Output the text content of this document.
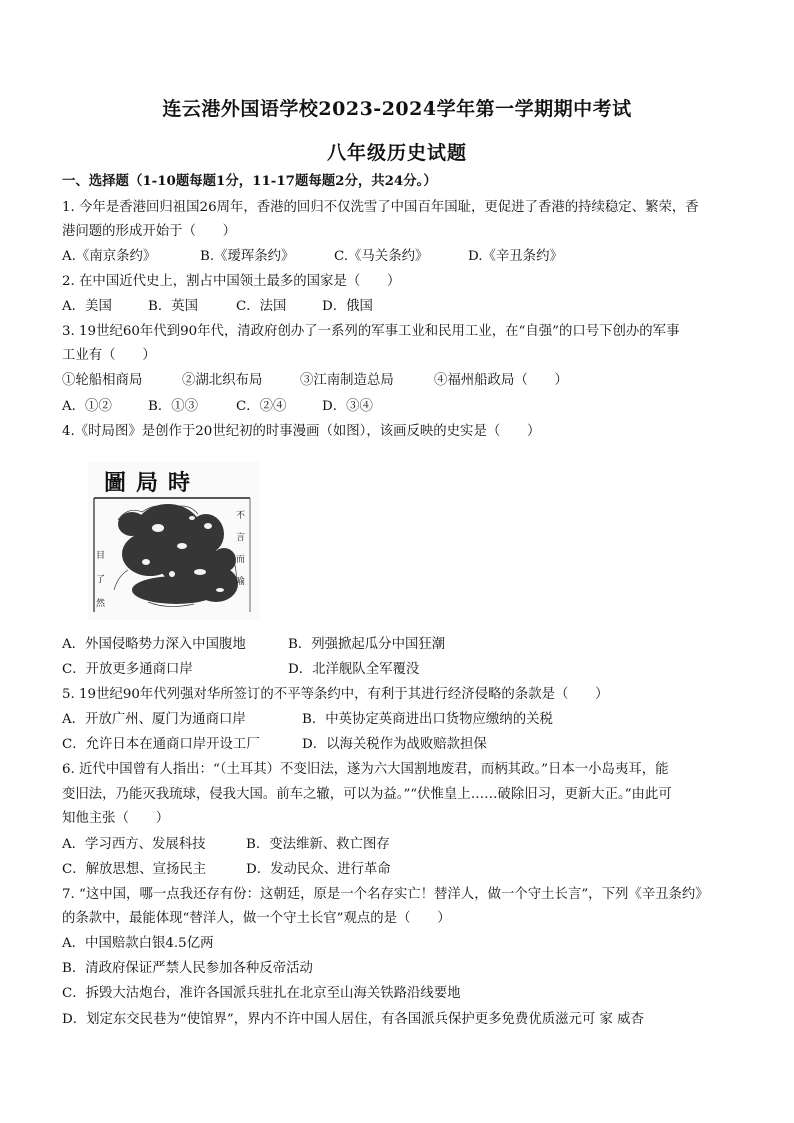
连云港外国语学校2023-2024学年第一学期期中考试
八年级历史试题
一、选择题（1-10题每题1分，11-17题每题2分，共24分。）
1. 今年是香港回归祖国26周年，香港的回归不仅洗雪了中国百年国耻，更促进了香港的持续稳定、繁荣，香
港问题的形成开始于（　　）
A.《南京条约》	B.《瑷珲条约》	C.《马关条约》	D.《辛丑条约》
2. 在中国近代史上，割占中国领土最多的国家是（　　）
A．美国	B．英国	C．法国	D．俄国
3. 19世纪60年代到90年代，清政府创办了一系列的军事工业和民用工业，在“自强”的口号下创办的军事
工业有（　　）
①轮船相商局	②湖北织布局	③江南制造总局	④福州船政局（　　）
A．①②	B．①③	C．②④	D．③④
4.《时局图》是创作于20世纪初的时事漫画（如图），该画反映的史实是（　　）
圖局時
不
言
而
喻
目
了
然
A．外国侵略势力深入中国腹地	B．列强掀起瓜分中国狂潮
C．开放更多通商口岸	D．北洋舰队全军覆没
5. 19世纪90年代列强对华所签订的不平等条约中，有利于其进行经济侵略的条款是（　　）
A．开放广州、厦门为通商口岸	B．中英协定英商进出口货物应缴纳的关税
C．允许日本在通商口岸开设工厂	D．以海关税作为战败赔款担保
6. 近代中国曾有人指出：“（土耳其）不变旧法，遂为六大国割地废君，而柄其政。”日本一小岛夷耳，能
变旧法，乃能灭我琉球，侵我大国。前车之辙，可以为益。”“伏惟皇上……破除旧习，更新大正。”由此可
知他主张（　　）
A．学习西方、发展科技	B．变法维新、救亡图存
C．解放思想、宣扬民主	D．发动民众、进行革命
7. “这中国，哪一点我还存有份：这朝廷，原是一个名存实亡！替洋人，做一个守土长言”，下列《辛丑条约》
的条款中，最能体现“替洋人，做一个守土长官”观点的是（　　）
A．中国赔款白银4.5亿两
B．清政府保证严禁人民参加各种反帝活动
C．拆毁大沽炮台，准许各国派兵驻扎在北京至山海关铁路沿线要地
D．划定东交民巷为“使馆界”，界内不许中国人居住，有各国派兵保护更多免费优质滋元可 家 威杏
